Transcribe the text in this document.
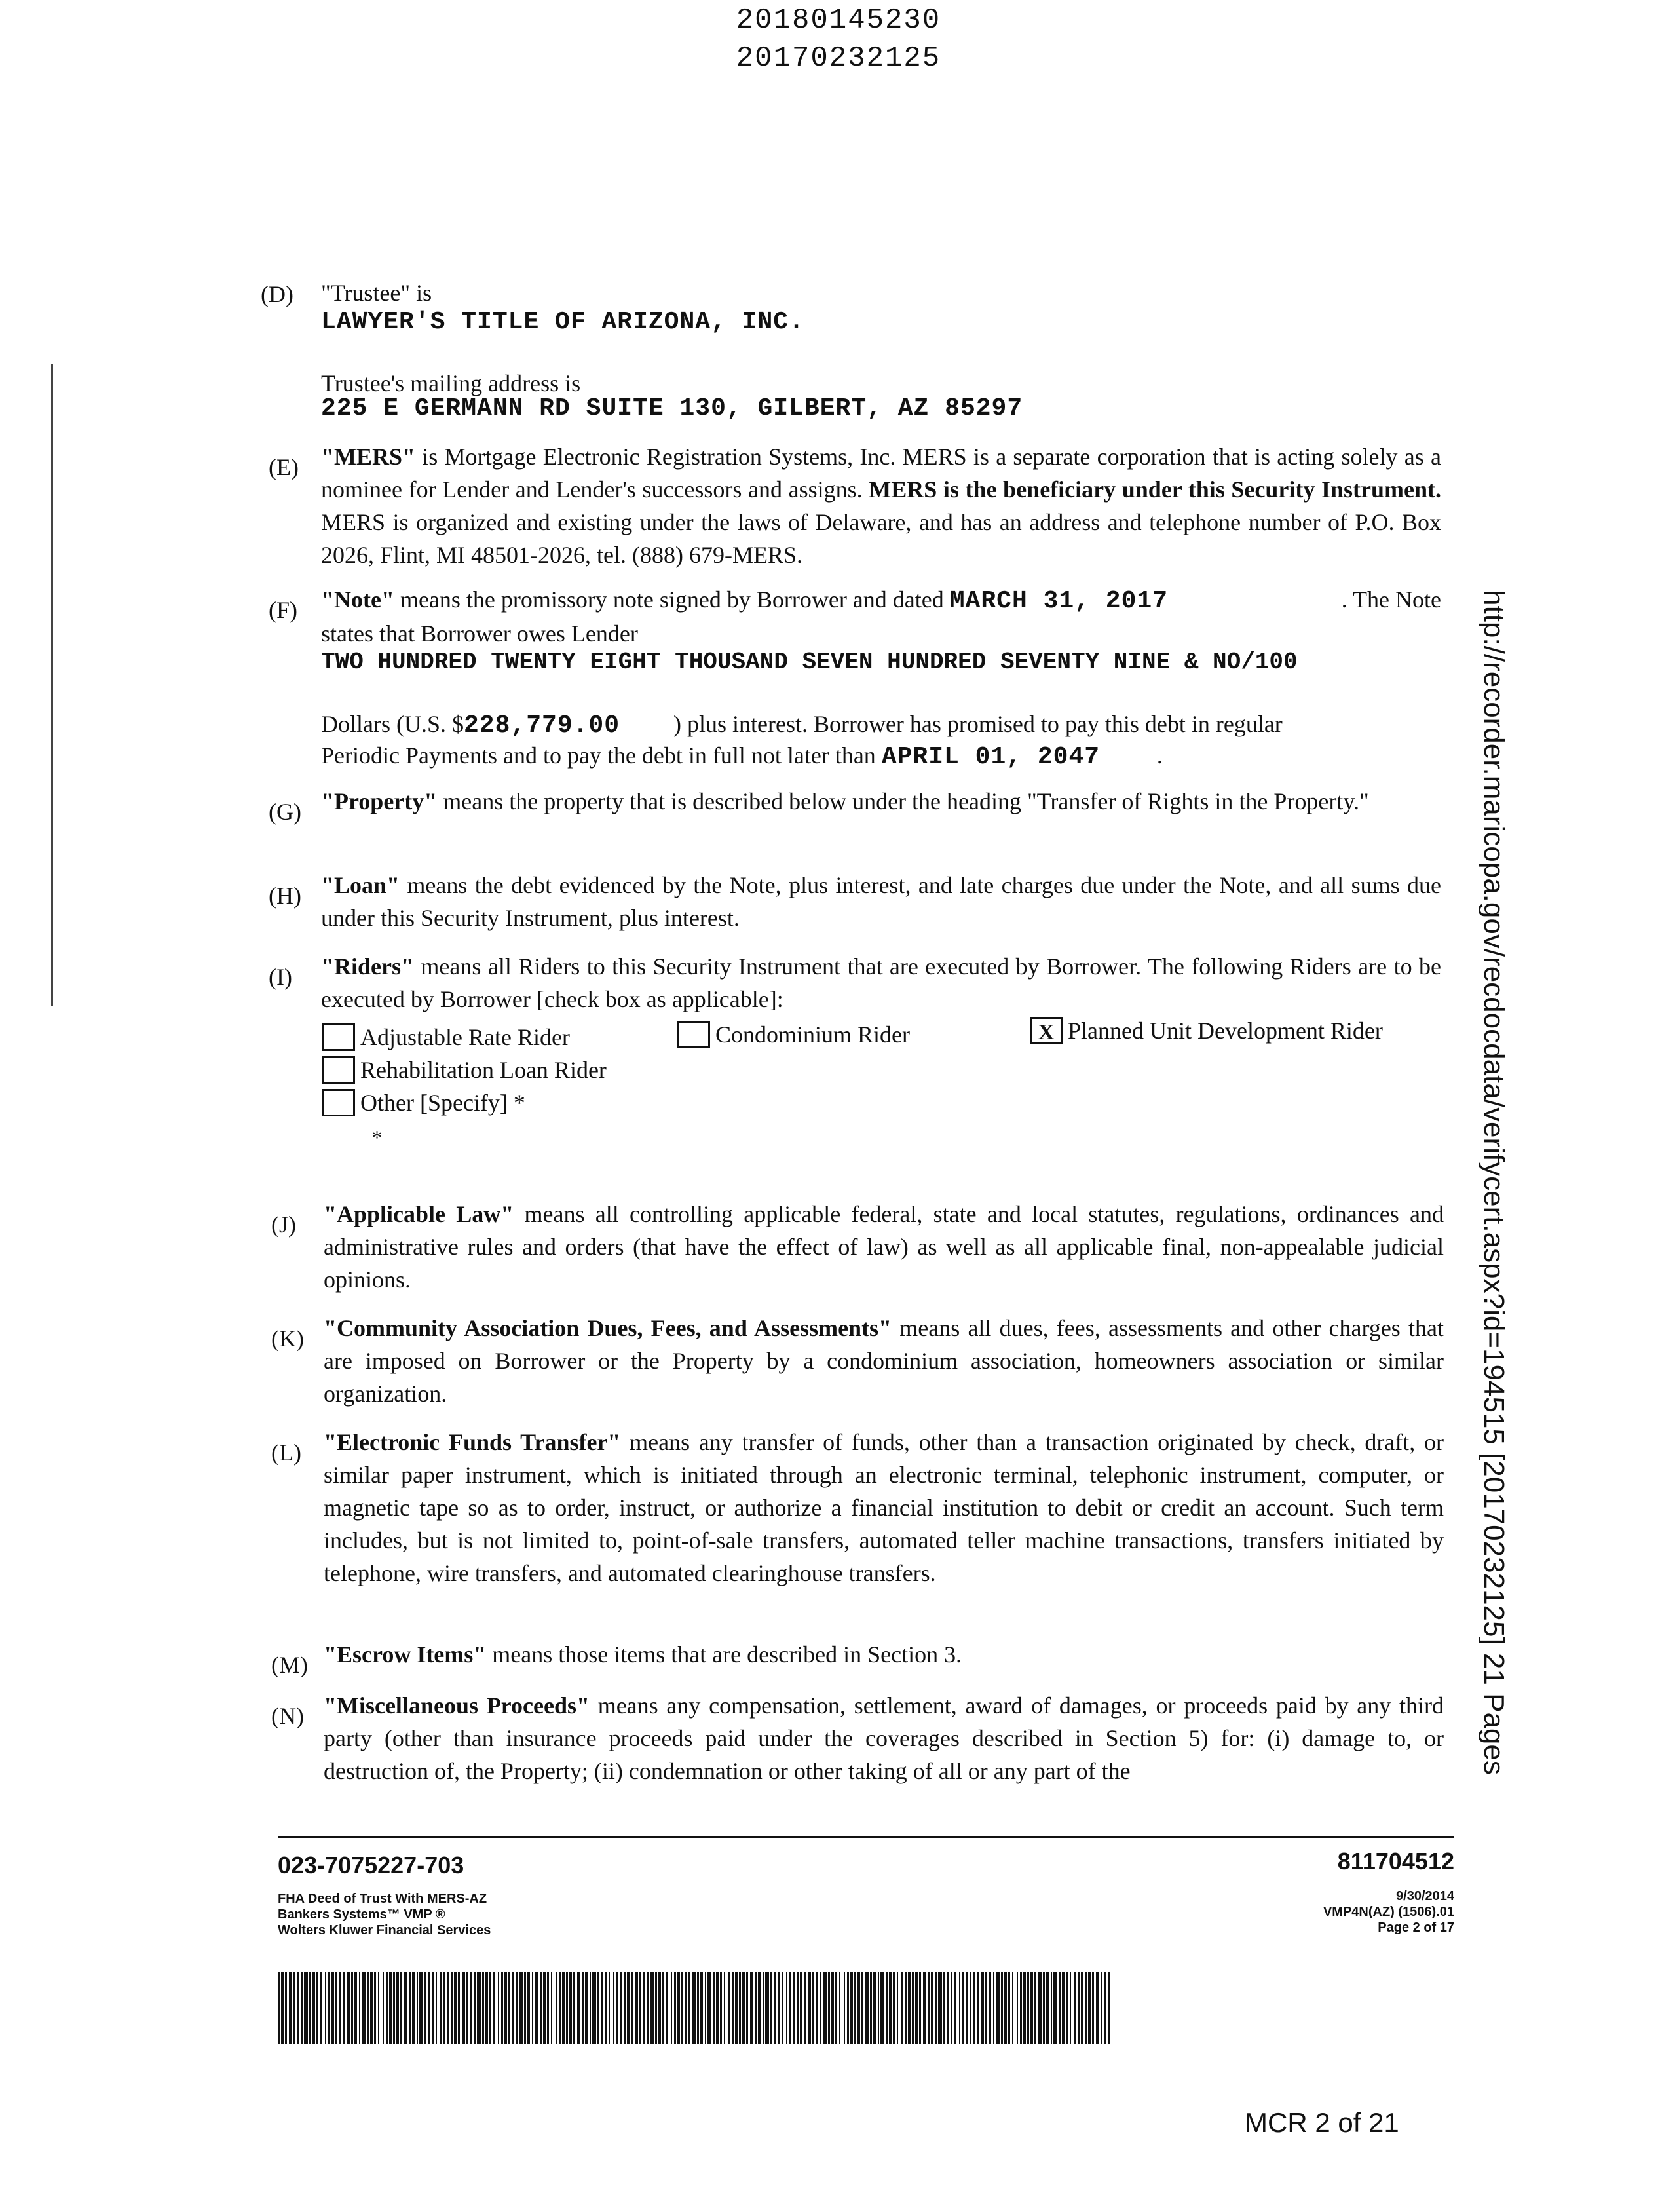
20180145230
20170232125
http://recorder.maricopa.gov/recdocdata/verifycert.aspx?id=194515 [20170232125] 21 Pages
(D) "Trustee" is
LAWYER'S TITLE OF ARIZONA, INC.
Trustee's mailing address is
225 E GERMANN RD SUITE 130, GILBERT, AZ 85297
(E) "MERS" is Mortgage Electronic Registration Systems, Inc. MERS is a separate corporation that is acting solely as a nominee for Lender and Lender's successors and assigns. MERS is the beneficiary under this Security Instrument. MERS is organized and existing under the laws of Delaware, and has an address and telephone number of P.O. Box 2026, Flint, MI 48501-2026, tel. (888) 679-MERS.
(F) "Note" means the promissory note signed by Borrower and dated MARCH 31, 2017	. The Note
states that Borrower owes Lender
TWO HUNDRED TWENTY EIGHT THOUSAND SEVEN HUNDRED SEVENTY NINE & NO/100
Dollars (U.S. $ 228,779.00	) plus interest. Borrower has promised to pay this debt in regular
Periodic Payments and to pay the debt in full not later than APRIL 01, 2047	.
(G) "Property" means the property that is described below under the heading "Transfer of Rights in the Property."
(H) "Loan" means the debt evidenced by the Note, plus interest, and late charges due under the Note, and all sums due under this Security Instrument, plus interest.
(I) "Riders" means all Riders to this Security Instrument that are executed by Borrower. The following Riders are to be executed by Borrower [check box as applicable]:
Adjustable Rate Rider	Condominium Rider	X Planned Unit Development Rider
Rehabilitation Loan Rider
Other [Specify] *
*
(J) "Applicable Law" means all controlling applicable federal, state and local statutes, regulations, ordinances and administrative rules and orders (that have the effect of law) as well as all applicable final, non-appealable judicial opinions.
(K) "Community Association Dues, Fees, and Assessments" means all dues, fees, assessments and other charges that are imposed on Borrower or the Property by a condominium association, homeowners association or similar organization.
(L) "Electronic Funds Transfer" means any transfer of funds, other than a transaction originated by check, draft, or similar paper instrument, which is initiated through an electronic terminal, telephonic instrument, computer, or magnetic tape so as to order, instruct, or authorize a financial institution to debit or credit an account. Such term includes, but is not limited to, point-of-sale transfers, automated teller machine transactions, transfers initiated by telephone, wire transfers, and automated clearinghouse transfers.
(M) "Escrow Items" means those items that are described in Section 3.
(N) "Miscellaneous Proceeds" means any compensation, settlement, award of damages, or proceeds paid by any third party (other than insurance proceeds paid under the coverages described in Section 5) for: (i) damage to, or destruction of, the Property; (ii) condemnation or other taking of all or any part of the
023-7075227-703	811704512
FHA Deed of Trust With MERS-AZ
Bankers Systems™ VMP ®
Wolters Kluwer Financial Services
9/30/2014
VMP4N(AZ) (1506).01
Page 2 of 17
MCR 2 of 21
